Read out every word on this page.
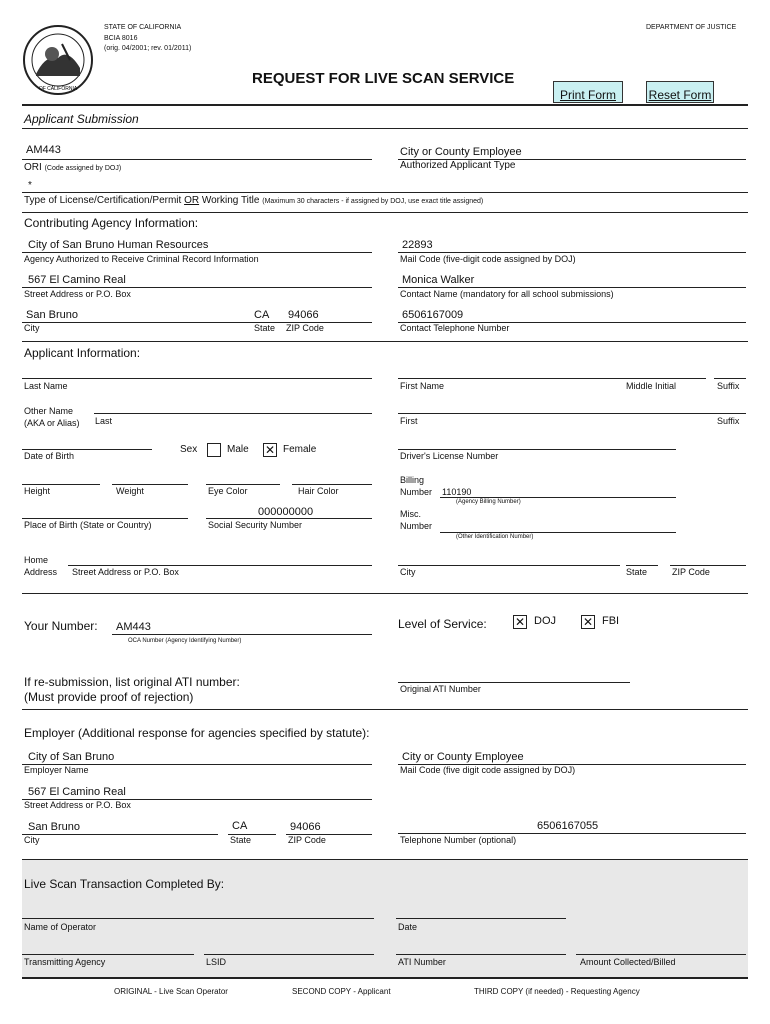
OF CALIFORNIA
STATE OF CALIFORNIA
BCIA 8016
(orig. 04/2001; rev. 01/2011)
DEPARTMENT OF JUSTICE
REQUEST FOR LIVE SCAN SERVICE
Print Form	Reset Form
Applicant Submission
AM443
ORI (Code assigned by DOJ)
City or County Employee
Authorized Applicant Type
*
Type of License/Certification/Permit OR Working Title (Maximum 30 characters - if assigned by DOJ, use exact title assigned)
Contributing Agency Information:
City of San Bruno Human Resources
Agency Authorized to Receive Criminal Record Information
22893
Mail Code (five-digit code assigned by DOJ)
567 El Camino Real
Street Address or P.O. Box
Monica Walker
Contact Name (mandatory for all school submissions)
San Bruno	CA 94066
City	State ZIP Code
6506167009
Contact Telephone Number
Applicant Information:
Last Name	First Name	Middle Initial	Suffix
Other Name
(AKA or Alias) Last	First	Suffix
Date of Birth
Sex	Male ✕ Female
Driver's License Number
Height	Weight	Eye Color	Hair Color
Billing
Number 110190
(Agency Billing Number)
000000000
Place of Birth (State or Country)	Social Security Number
Misc.
Number
(Other Identification Number)
Home
Address Street Address or P.O. Box	City	State	ZIP Code
Your Number: AM443
OCA Number (Agency Identifying Number)
Level of Service: ✕ DOJ ✕ FBI
If re-submission, list original ATI number:
(Must provide proof of rejection)
Original ATI Number
Employer (Additional response for agencies specified by statute):
City of San Bruno
Employer Name
City or County Employee
Mail Code (five digit code assigned by DOJ)
567 El Camino Real
Street Address or P.O. Box
San Bruno	CA	94066
City	State	ZIP Code
6506167055
Telephone Number (optional)
Live Scan Transaction Completed By:
Name of Operator	Date
Transmitting Agency	LSID	ATI Number	Amount Collected/Billed
ORIGINAL - Live Scan Operator	SECOND COPY - Applicant	THIRD COPY (if needed) - Requesting Agency
